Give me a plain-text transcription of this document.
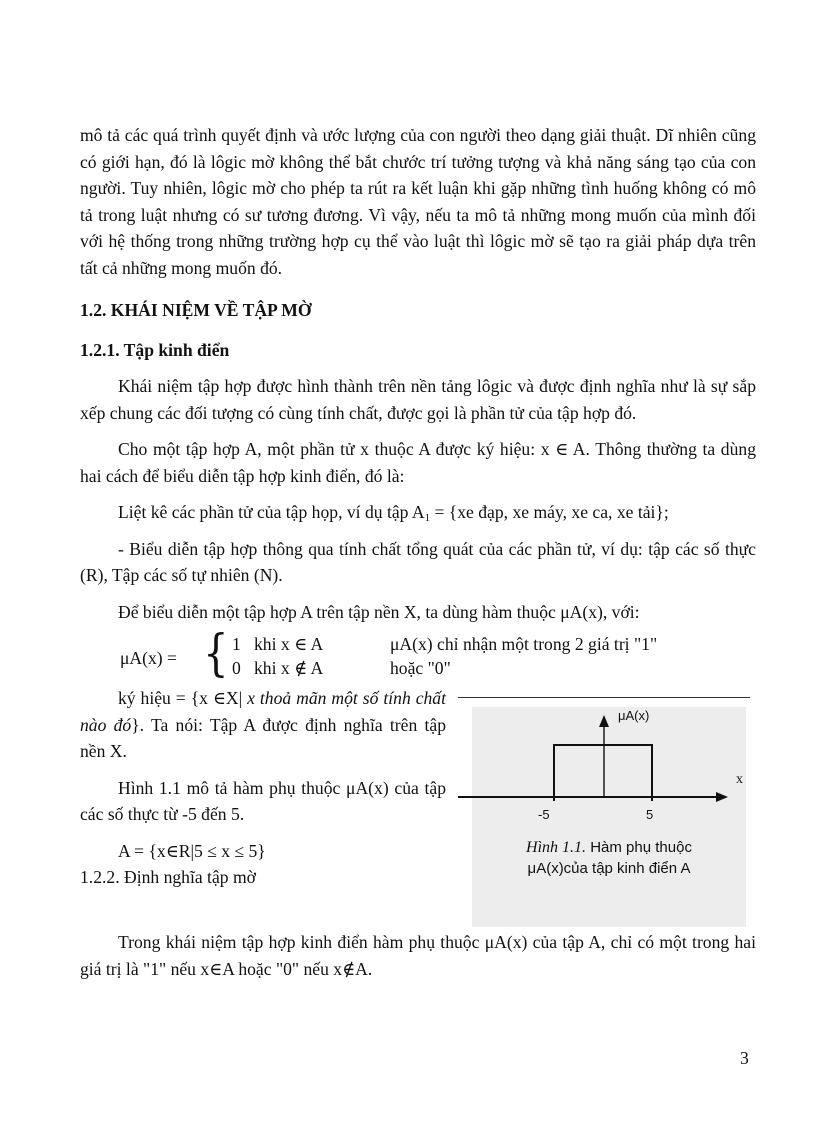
mô tả các quá trình quyết định và ước lượng của con người theo dạng giải thuật. Dĩ nhiên cũng có giới hạn, đó là lôgic mờ không thể bắt chước trí tưởng tượng và khả năng sáng tạo của con người. Tuy nhiên, lôgic mờ cho phép ta rút ra kết luận khi gặp những tình huống không có mô tả trong luật nhưng có sư tương đương. Vì vậy, nếu ta mô tả những mong muốn của mình đối với hệ thống trong những trường hợp cụ thể vào luật thì lôgic mờ sẽ tạo ra giải pháp dựa trên tất cả những mong muốn đó.

1.2. KHÁI NIỆM VỀ TẬP MỜ
1.2.1. Tập kinh điển

Khái niệm tập hợp được hình thành trên nền tảng lôgic và được định nghĩa như là sự sắp xếp chung các đối tượng có cùng tính chất, được gọi là phần tử của tập hợp đó.

Cho một tập hợp A, một phần tử x thuộc A được ký hiệu: x ∈ A. Thông thường ta dùng hai cách để biểu diễn tập hợp kinh điển, đó là:

Liệt kê các phần tử của tập họp, ví dụ tập $A_1 = \{xe$ đạp, xe máy, xe ca, xe tải};

- Biểu diễn tập hợp thông qua tính chất tổng quát của các phần tử, ví dụ: tập các số thực (R), Tập các số tự nhiên (N).

Để biểu diễn một tập hợp A trên tập nền X, ta dùng hàm thuộc μA(x), với:

μA(x) = { 1   khi x ∈ A
0   khi x ∉ A
μA(x) chỉ nhận một trong 2 giá trị "1"
hoặc "0"

ký hiệu = {x ∈X| x thoả mãn một số tính chất nào đó}. Ta nói: Tập A được định nghĩa trên tập nền X.

Hình 1.1 mô tả hàm phụ thuộc μA(x) của tập các số thực từ -5 đến 5.

A = {x∈R|5 ≤ x ≤ 5}

1.2.2. Định nghĩa tập mờ

μA(x)
x
-5	5
Hình 1.1. Hàm phụ thuộc
μA(x)của tập kinh điển A

Trong khái niệm tập hợp kinh điển hàm phụ thuộc μA(x) của tập A, chỉ có một trong hai giá trị là "1" nếu x∈A hoặc "0" nếu x∉A.

3
